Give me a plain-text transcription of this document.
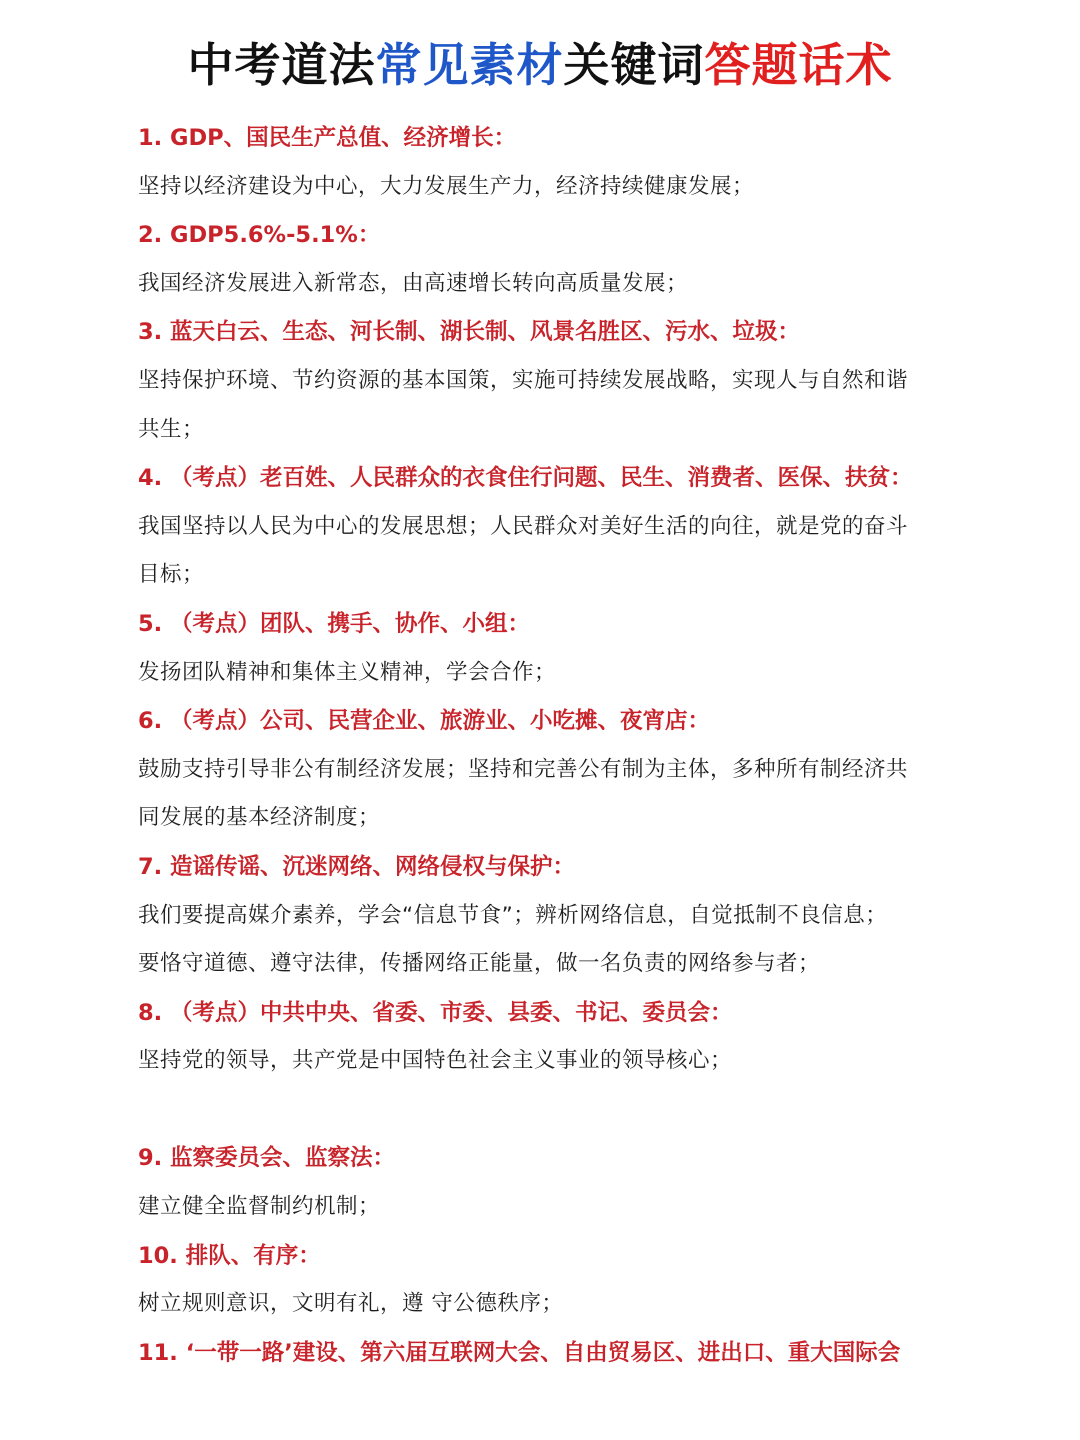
中考道法常见素材关键词答题话术
1. GDP、国民生产总值、经济增长：
坚持以经济建设为中心，大力发展生产力，经济持续健康发展；
2. GDP5.6%-5.1%：
我国经济发展进入新常态，由高速增长转向高质量发展；
3. 蓝天白云、生态、河长制、湖长制、风景名胜区、污水、垃圾：
坚持保护环境、节约资源的基本国策，实施可持续发展战略，实现人与自然和谐
共生；
4. （考点）老百姓、人民群众的衣食住行问题、民生、消费者、医保、扶贫：
我国坚持以人民为中心的发展思想；人民群众对美好生活的向往，就是党的奋斗
目标；
5. （考点）团队、携手、协作、小组：
发扬团队精神和集体主义精神，学会合作；
6. （考点）公司、民营企业、旅游业、小吃摊、夜宵店：
鼓励支持引导非公有制经济发展；坚持和完善公有制为主体，多种所有制经济共
同发展的基本经济制度；
7. 造谣传谣、沉迷网络、网络侵权与保护：
我们要提高媒介素养，学会“信息节食”；辨析网络信息，自觉抵制不良信息；
要恪守道德、遵守法律，传播网络正能量，做一名负责的网络参与者；
8. （考点）中共中央、省委、市委、县委、书记、委员会：
坚持党的领导，共产党是中国特色社会主义事业的领导核心；
9. 监察委员会、监察法：
建立健全监督制约机制；
10. 排队、有序：
树立规则意识，文明有礼，遵 守公德秩序；
11. ‘一带一路’建设、第六届互联网大会、自由贸易区、进出口、重大国际会
